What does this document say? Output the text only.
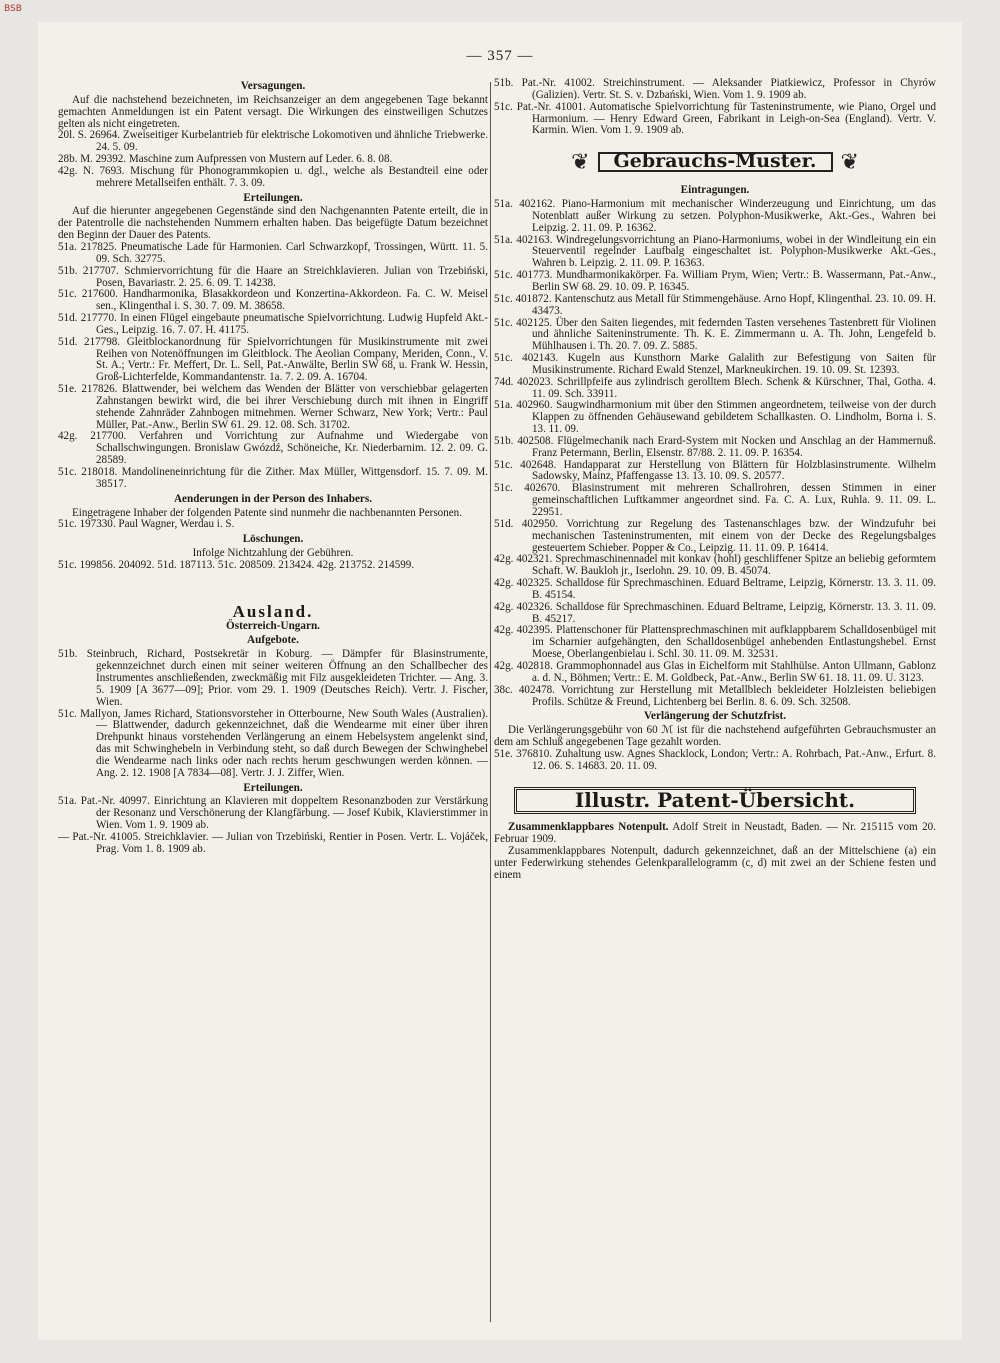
BSB
— 357 —

Versagungen.

Auf die nachstehend bezeichneten, im Reichsanzeiger an dem angegebenen Tage bekannt gemachten Anmeldungen ist ein Patent versagt. Die Wirkungen des einstweiligen Schutzes gelten als nicht eingetreten.

20l. S. 26964. Zweiseitiger Kurbelantrieb für elektrische Lokomotiven und ähnliche Triebwerke. 24. 5. 09.

28b. M. 29392. Maschine zum Aufpressen von Mustern auf Leder. 6. 8. 08.

42g. N. 7693. Mischung für Phonogrammkopien u. dgl., welche als Bestandteil eine oder mehrere Metallseifen enthält. 7. 3. 09.

Erteilungen.

Auf die hierunter angegebenen Gegenstände sind den Nachgenannten Patente erteilt, die in der Patentrolle die nachstehenden Nummern erhalten haben. Das beigefügte Datum bezeichnet den Beginn der Dauer des Patents.

51a. 217825. Pneumatische Lade für Harmonien. Carl Schwarzkopf, Trossingen, Württ. 11. 5. 09. Sch. 32775.

51b. 217707. Schmiervorrichtung für die Haare an Streichklavieren. Julian von Trzebiński, Posen, Bavariastr. 2. 25. 6. 09. T. 14238.

51c. 217600. Handharmonika, Blasakkordeon und Konzertina-Akkordeon. Fa. C. W. Meisel sen., Klingenthal i. S. 30. 7. 09. M. 38658.

51d. 217770. In einen Flügel eingebaute pneumatische Spielvorrichtung. Ludwig Hupfeld Akt.-Ges., Leipzig. 16. 7. 07. H. 41175.

51d. 217798. Gleitblockanordnung für Spielvorrichtungen für Musikinstrumente mit zwei Reihen von Notenöffnungen im Gleitblock. The Aeolian Company, Meriden, Conn., V. St. A.; Vertr.: Fr. Meffert, Dr. L. Sell, Pat.-Anwälte, Berlin SW 68, u. Frank W. Hessin, Groß-Lichterfelde, Kommandantenstr. 1a. 7. 2. 09. A. 16704.

51e. 217826. Blattwender, bei welchem das Wenden der Blätter von verschiebbar gelagerten Zahnstangen bewirkt wird, die bei ihrer Verschiebung durch mit ihnen in Eingriff stehende Zahnräder Zahnbogen mitnehmen. Werner Schwarz, New York; Vertr.: Paul Müller, Pat.-Anw., Berlin SW 61. 29. 12. 08. Sch. 31702.

42g. 217700. Verfahren und Vorrichtung zur Aufnahme und Wiedergabe von Schallschwingungen. Bronislaw Gwózdź, Schöneiche, Kr. Niederbarnim. 12. 2. 09. G. 28589.

51c. 218018. Mandolineneinrichtung für die Zither. Max Müller, Wittgensdorf. 15. 7. 09. M. 38517.

Aenderungen in der Person des Inhabers.

Eingetragene Inhaber der folgenden Patente sind nunmehr die nachbenannten Personen.

51c. 197330. Paul Wagner, Werdau i. S.

Löschungen.

Infolge Nichtzahlung der Gebühren.

51c. 199856. 204092. 51d. 187113. 51c. 208509. 213424. 42g. 213752. 214599.

Ausland.

Österreich-Ungarn.

Aufgebote.

51b. Steinbruch, Richard, Postsekretär in Koburg. — Dämpfer für Blasinstrumente, gekennzeichnet durch einen mit seiner weiteren Öffnung an den Schallbecher des Instrumentes anschließenden, zweckmäßig mit Filz ausgekleideten Trichter. — Ang. 3. 5. 1909 [A 3677—09]; Prior. vom 29. 1. 1909 (Deutsches Reich). Vertr. J. Fischer, Wien.

51c. Mallyon, James Richard, Stationsvorsteher in Otterbourne, New South Wales (Australien). — Blattwender, dadurch gekennzeichnet, daß die Wendearme mit einer über ihren Drehpunkt hinaus vorstehenden Verlängerung an einem Hebelsystem angelenkt sind, das mit Schwinghebeln in Verbindung steht, so daß durch Bewegen der Schwinghebel die Wendearme nach links oder nach rechts herum geschwungen werden können. — Ang. 2. 12. 1908 [A 7834—08]. Vertr. J. J. Ziffer, Wien.

Erteilungen.

51a. Pat.-Nr. 40997. Einrichtung an Klavieren mit doppeltem Resonanzboden zur Verstärkung der Resonanz und Verschönerung der Klangfärbung. — Josef Kubik, Klavierstimmer in Wien. Vom 1. 9. 1909 ab.

— Pat.-Nr. 41005. Streichklavier. — Julian von Trzebiński, Rentier in Posen. Vertr. L. Vojáček, Prag. Vom 1. 8. 1909 ab.

51b. Pat.-Nr. 41002. Streichinstrument. — Aleksander Piatkiewicz, Professor in Chyrów (Galizien). Vertr. St. S. v. Dzbański, Wien. Vom 1. 9. 1909 ab.

51c. Pat.-Nr. 41001. Automatische Spielvorrichtung für Tasteninstrumente, wie Piano, Orgel und Harmonium. — Henry Edward Green, Fabrikant in Leigh-on-Sea (England). Vertr. V. Karmin. Wien. Vom 1. 9. 1909 ab.

❦	Gebrauchs-Muster.	❦

Eintragungen.

51a. 402162. Piano-Harmonium mit mechanischer Winderzeugung und Einrichtung, um das Notenblatt außer Wirkung zu setzen. Polyphon-Musikwerke, Akt.-Ges., Wahren bei Leipzig. 2. 11. 09. P. 16362.

51a. 402163. Windregelungsvorrichtung an Piano-Harmoniums, wobei in der Windleitung ein ein Steuerventil regelnder Laufbalg eingeschaltet ist. Polyphon-Musikwerke Akt.-Ges., Wahren b. Leipzig. 2. 11. 09. P. 16363.

51c. 401773. Mundharmonikakörper. Fa. William Prym, Wien; Vertr.: B. Wassermann, Pat.-Anw., Berlin SW 68. 29. 10. 09. P. 16345.

51c. 401872. Kantenschutz aus Metall für Stimmengehäuse. Arno Hopf, Klingenthal. 23. 10. 09. H. 43473.

51c. 402125. Über den Saiten liegendes, mit federnden Tasten versehenes Tastenbrett für Violinen und ähnliche Saiteninstrumente. Th. K. E. Zimmermann u. A. Th. John, Lengefeld b. Mühlhausen i. Th. 20. 7. 09. Z. 5885.

51c. 402143. Kugeln aus Kunsthorn Marke Galalith zur Befestigung von Saiten für Musikinstrumente. Richard Ewald Stenzel, Markneukirchen. 19. 10. 09. St. 12393.

74d. 402023. Schrillpfeife aus zylindrisch gerolltem Blech. Schenk & Kürschner, Thal, Gotha. 4. 11. 09. Sch. 33911.

51a. 402960. Saugwindharmonium mit über den Stimmen angeordnetem, teilweise von der durch Klappen zu öffnenden Gehäusewand gebildetem Schallkasten. O. Lindholm, Borna i. S. 13. 11. 09.

51b. 402508. Flügelmechanik nach Erard-System mit Nocken und Anschlag an der Hammernuß. Franz Petermann, Berlin, Elsenstr. 87/88. 2. 11. 09. P. 16354.

51c. 402648. Handapparat zur Herstellung von Blättern für Holzblasinstrumente. Wilhelm Sadowsky, Mainz, Pfaffengasse 13. 13. 10. 09. S. 20577.

51c. 402670. Blasinstrument mit mehreren Schallrohren, dessen Stimmen in einer gemeinschaftlichen Luftkammer angeordnet sind. Fa. C. A. Lux, Ruhla. 9. 11. 09. L. 22951.

51d. 402950. Vorrichtung zur Regelung des Tastenanschlages bzw. der Windzufuhr bei mechanischen Tasteninstrumenten, mit einem von der Decke des Regelungsbalges gesteuertem Schieber. Popper & Co., Leipzig. 11. 11. 09. P. 16414.

42g. 402321. Sprechmaschinennadel mit konkav (hohl) geschliffener Spitze an beliebig geformtem Schaft. W. Baukloh jr., Iserlohn. 29. 10. 09. B. 45074.

42g. 402325. Schalldose für Sprechmaschinen. Eduard Beltrame, Leipzig, Körnerstr. 13. 3. 11. 09. B. 45154.

42g. 402326. Schalldose für Sprechmaschinen. Eduard Beltrame, Leipzig, Körnerstr. 13. 3. 11. 09. B. 45217.

42g. 402395. Plattenschoner für Plattensprechmaschinen mit aufklappbarem Schalldosenbügel mit im Scharnier aufgehängten, den Schalldosenbügel anhebenden Entlastungshebel. Ernst Moese, Oberlangenbielau i. Schl. 30. 11. 09. M. 32531.

42g. 402818. Grammophonnadel aus Glas in Eichelform mit Stahlhülse. Anton Ullmann, Gablonz a. d. N., Böhmen; Vertr.: E. M. Goldbeck, Pat.-Anw., Berlin SW 61. 18. 11. 09. U. 3123.

38c. 402478. Vorrichtung zur Herstellung mit Metallblech bekleideter Holzleisten beliebigen Profils. Schütze & Freund, Lichtenberg bei Berlin. 8. 6. 09. Sch. 32508.

Verlängerung der Schutzfrist.

Die Verlängerungsgebühr von 60 ℳ ist für die nachstehend aufgeführten Gebrauchsmuster an dem am Schluß angegebenen Tage gezahlt worden.

51e. 376810. Zuhaltung usw. Agnes Shacklock, London; Vertr.: A. Rohrbach, Pat.-Anw., Erfurt. 8. 12. 06. S. 14683. 20. 11. 09.

Illustr. Patent-Übersicht.

Zusammenklappbares Notenpult. Adolf Streit in Neustadt, Baden. — Nr. 215115 vom 20. Februar 1909.

Zusammenklappbares Notenpult, dadurch gekennzeichnet, daß an der Mittelschiene (a) ein unter Federwirkung stehendes Gelenkparallelogramm (c, d) mit zwei an der Schiene festen und einem
